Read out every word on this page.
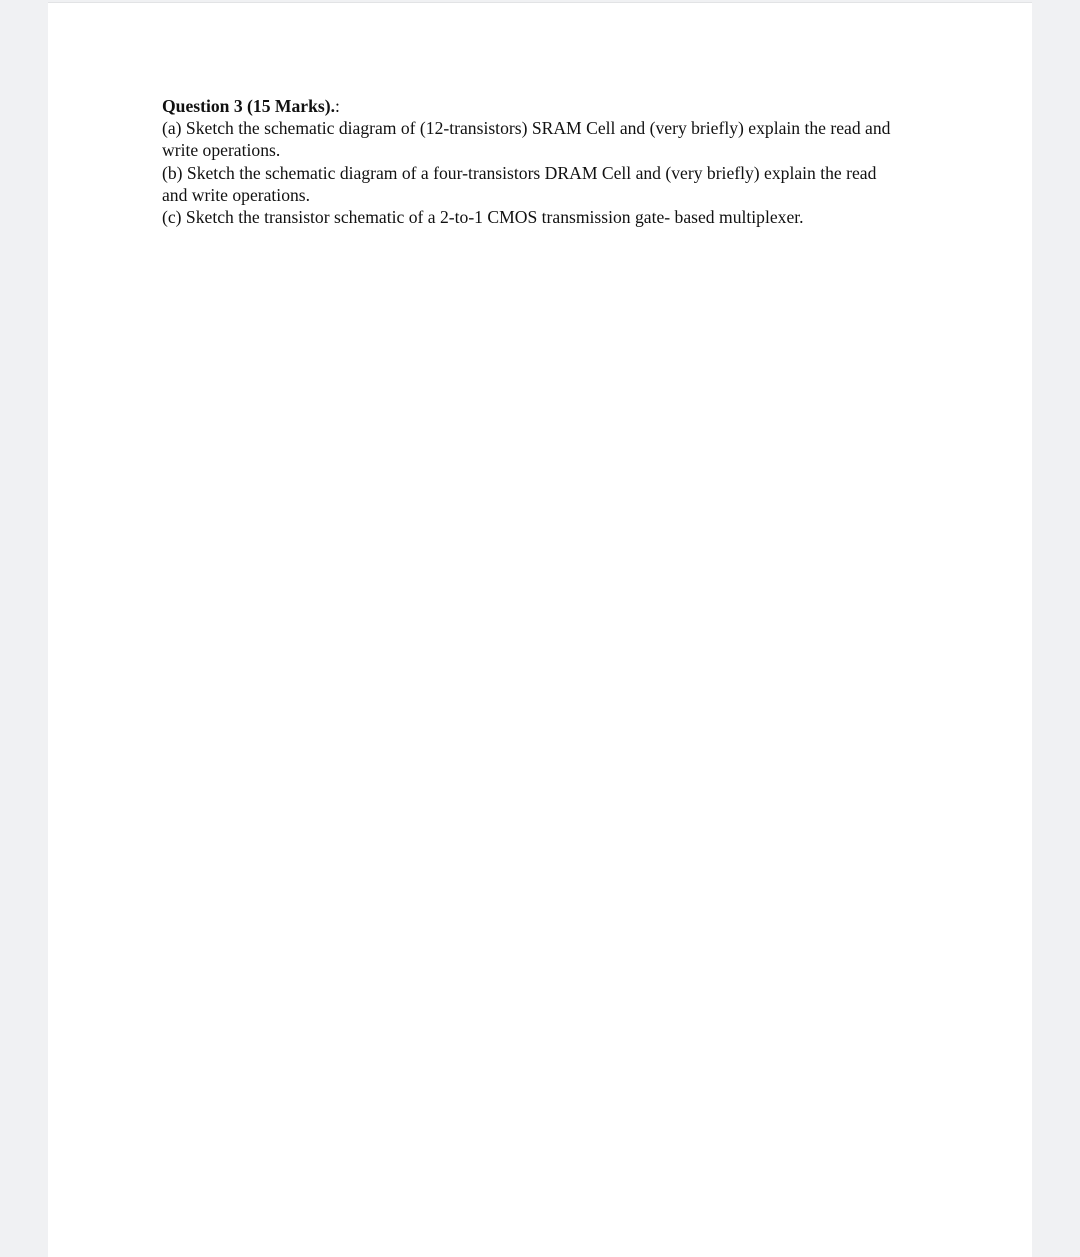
Question 3 (15 Marks).:
(a) Sketch the schematic diagram of (12-transistors) SRAM Cell and (very briefly) explain the read and
write operations.
(b) Sketch the schematic diagram of a four-transistors DRAM Cell and (very briefly) explain the read
and write operations.
(c) Sketch the transistor schematic of a 2-to-1 CMOS transmission gate- based multiplexer.
